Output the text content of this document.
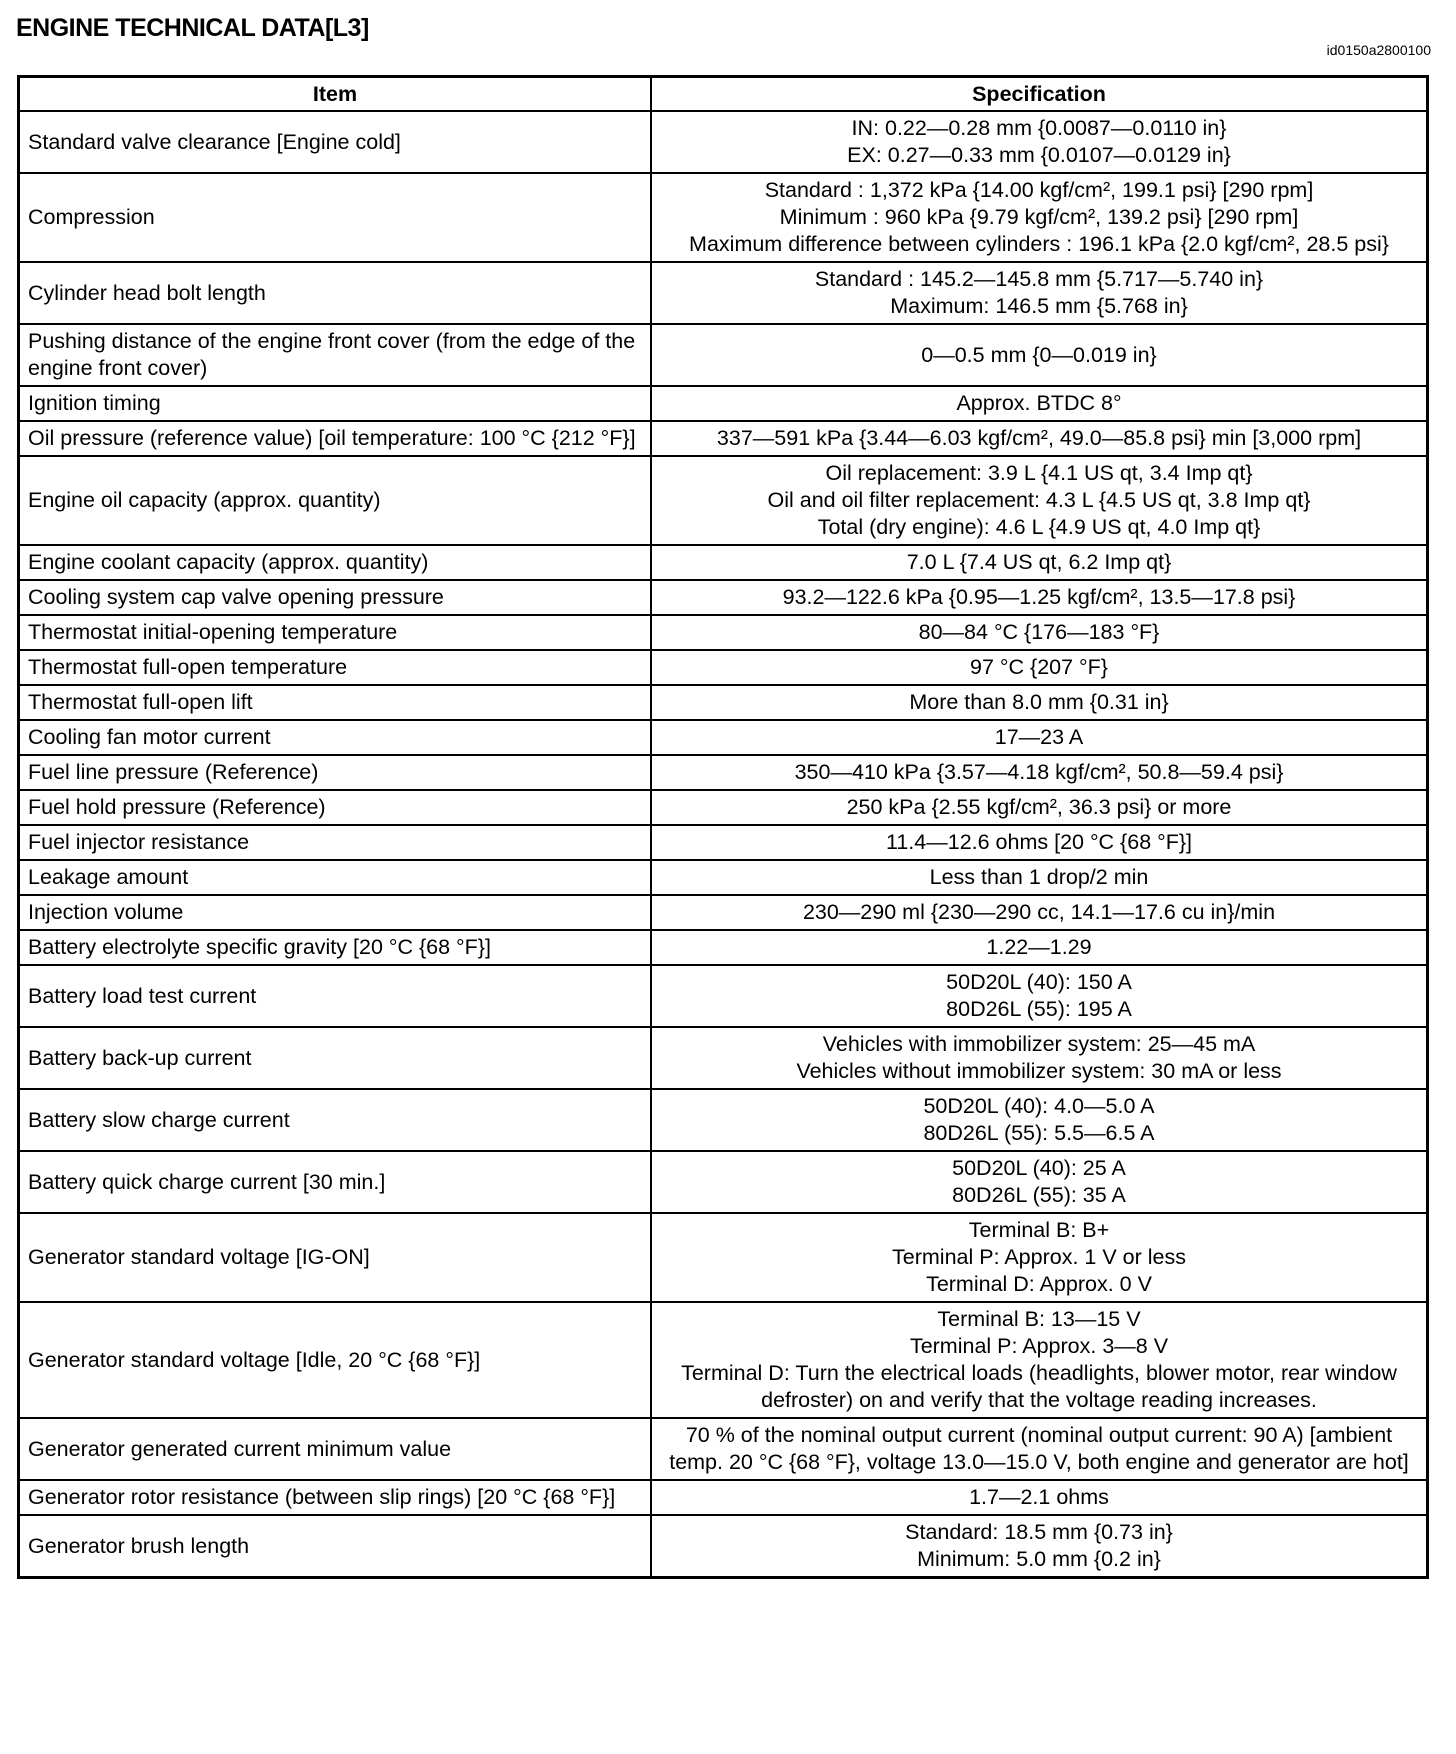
ENGINE TECHNICAL DATA[L3]
id0150a2800100
Item	Specification
Standard valve clearance [Engine cold]	IN: 0.22—0.28 mm {0.0087—0.0110 in}
EX: 0.27—0.33 mm {0.0107—0.0129 in}

Compression	Standard : 1,372 kPa {14.00 kgf/cm², 199.1 psi} [290 rpm]
Minimum : 960 kPa {9.79 kgf/cm², 139.2 psi} [290 rpm]
Maximum difference between cylinders : 196.1 kPa {2.0 kgf/cm², 28.5 psi}

Cylinder head bolt length	Standard : 145.2—145.8 mm {5.717—5.740 in}
Maximum: 146.5 mm {5.768 in}

Pushing distance of the engine front cover (from the edge of the engine front cover)	0—0.5 mm {0—0.019 in}

Ignition timing	Approx. BTDC 8°

Oil pressure (reference value) [oil temperature: 100 °C {212 °F}]	337—591 kPa {3.44—6.03 kgf/cm², 49.0—85.8 psi} min [3,000 rpm]

Engine oil capacity (approx. quantity)	Oil replacement: 3.9 L {4.1 US qt, 3.4 Imp qt}
Oil and oil filter replacement: 4.3 L {4.5 US qt, 3.8 Imp qt}
Total (dry engine): 4.6 L {4.9 US qt, 4.0 Imp qt}

Engine coolant capacity (approx. quantity)	7.0 L {7.4 US qt, 6.2 Imp qt}

Cooling system cap valve opening pressure	93.2—122.6 kPa {0.95—1.25 kgf/cm², 13.5—17.8 psi}

Thermostat initial-opening temperature	80—84 °C {176—183 °F}

Thermostat full-open temperature	97 °C {207 °F}

Thermostat full-open lift	More than 8.0 mm {0.31 in}

Cooling fan motor current	17—23 A

Fuel line pressure (Reference)	350—410 kPa {3.57—4.18 kgf/cm², 50.8—59.4 psi}

Fuel hold pressure (Reference)	250 kPa {2.55 kgf/cm², 36.3 psi} or more

Fuel injector resistance	11.4—12.6 ohms [20 °C {68 °F}]

Leakage amount	Less than 1 drop/2 min

Injection volume	230—290 ml {230—290 cc, 14.1—17.6 cu in}/min

Battery electrolyte specific gravity [20 °C {68 °F}]	1.22—1.29

Battery load test current	50D20L (40): 150 A
80D26L (55): 195 A

Battery back-up current	Vehicles with immobilizer system: 25—45 mA
Vehicles without immobilizer system: 30 mA or less

Battery slow charge current	50D20L (40): 4.0—5.0 A
80D26L (55): 5.5—6.5 A

Battery quick charge current [30 min.]	50D20L (40): 25 A
80D26L (55): 35 A

Generator standard voltage [IG-ON]	Terminal B: B+
Terminal P: Approx. 1 V or less
Terminal D: Approx. 0 V

Generator standard voltage [Idle, 20 °C {68 °F}]	Terminal B: 13—15 V
Terminal P: Approx. 3—8 V
Terminal D: Turn the electrical loads (headlights, blower motor, rear window defroster) on and verify that the voltage reading increases.

Generator generated current minimum value	70 % of the nominal output current (nominal output current: 90 A) [ambient temp. 20 °C {68 °F}, voltage 13.0—15.0 V, both engine and generator are hot]

Generator rotor resistance (between slip rings) [20 °C {68 °F}]	1.7—2.1 ohms

Generator brush length	Standard: 18.5 mm {0.73 in}
Minimum: 5.0 mm {0.2 in}
